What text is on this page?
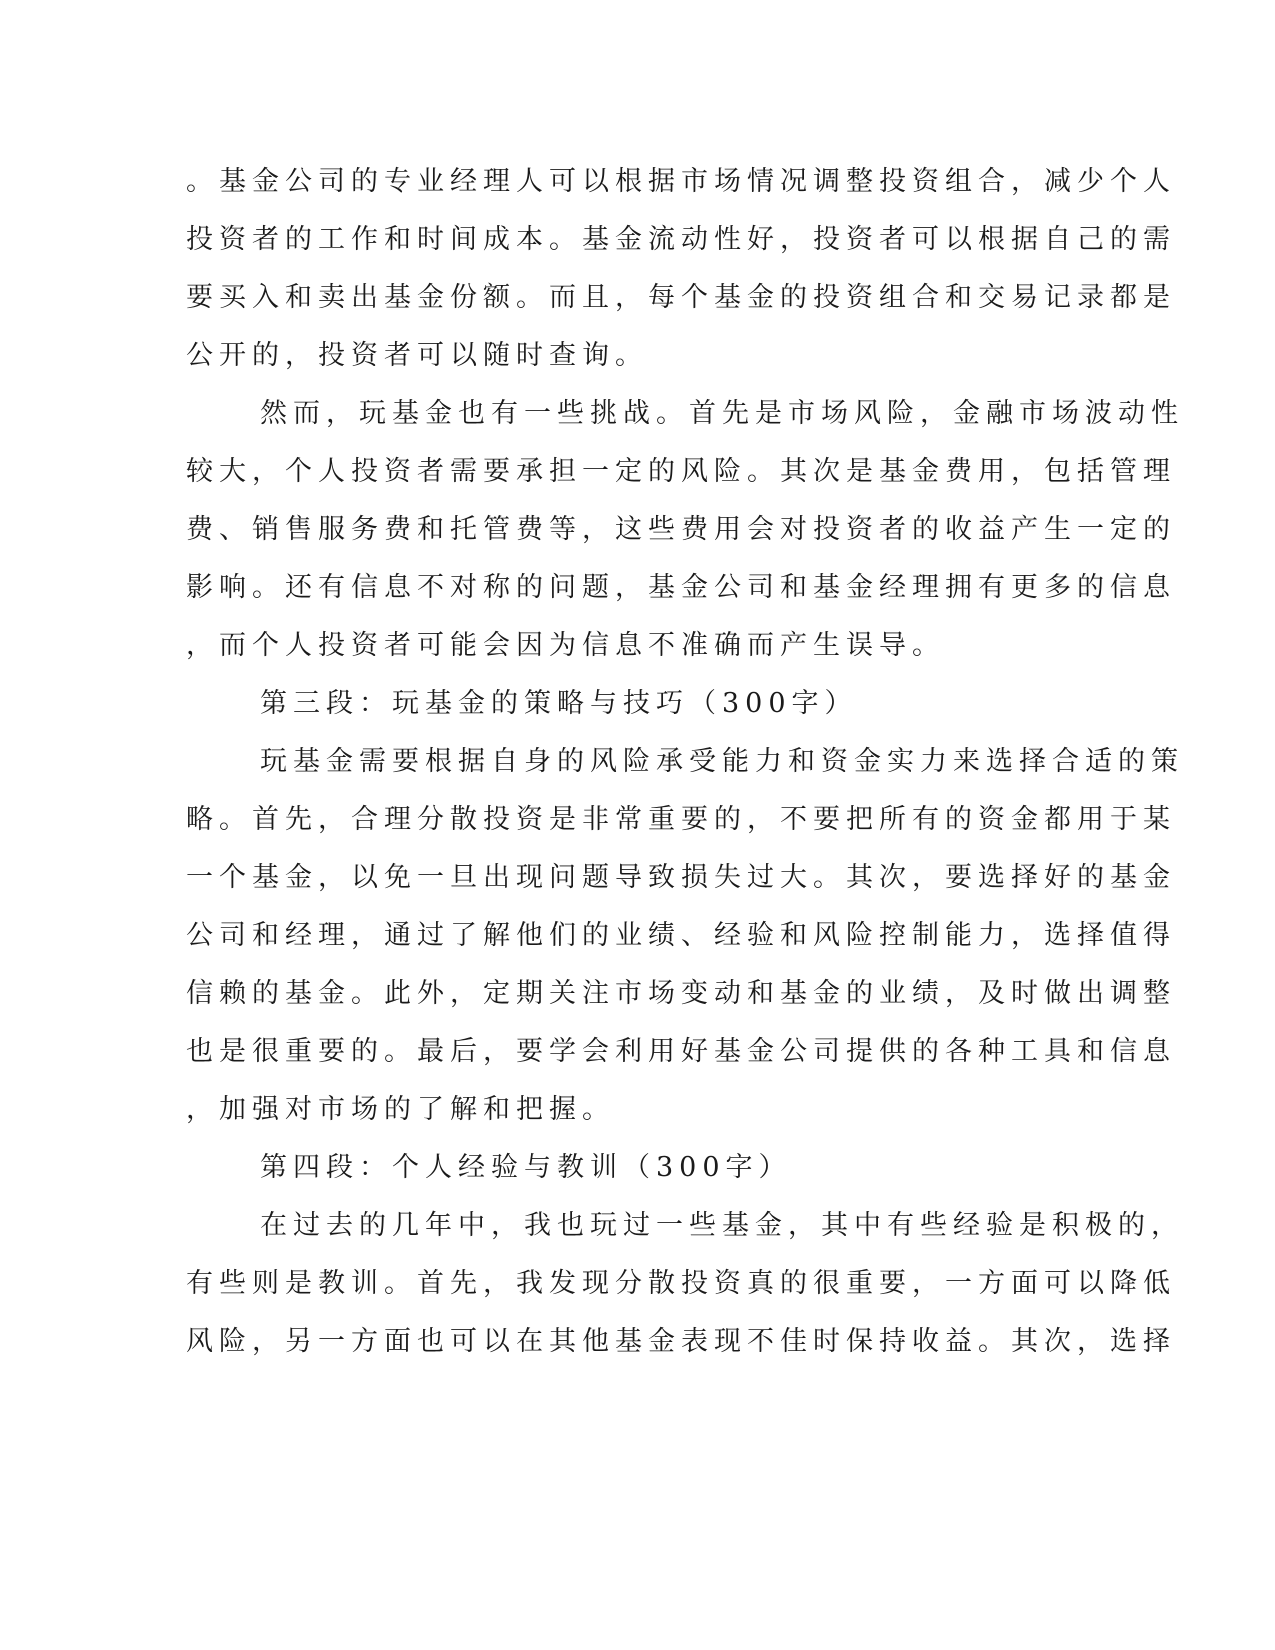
。基金公司的专业经理人可以根据市场情况调整投资组合，减少个人
投资者的工作和时间成本。基金流动性好，投资者可以根据自己的需
要买入和卖出基金份额。而且，每个基金的投资组合和交易记录都是
公开的，投资者可以随时查询。
然而，玩基金也有一些挑战。首先是市场风险，金融市场波动性
较大，个人投资者需要承担一定的风险。其次是基金费用，包括管理
费、销售服务费和托管费等，这些费用会对投资者的收益产生一定的
影响。还有信息不对称的问题，基金公司和基金经理拥有更多的信息
，而个人投资者可能会因为信息不准确而产生误导。
第三段：玩基金的策略与技巧（300字）
玩基金需要根据自身的风险承受能力和资金实力来选择合适的策
略。首先，合理分散投资是非常重要的，不要把所有的资金都用于某
一个基金，以免一旦出现问题导致损失过大。其次，要选择好的基金
公司和经理，通过了解他们的业绩、经验和风险控制能力，选择值得
信赖的基金。此外，定期关注市场变动和基金的业绩，及时做出调整
也是很重要的。最后，要学会利用好基金公司提供的各种工具和信息
，加强对市场的了解和把握。
第四段：个人经验与教训（300字）
在过去的几年中，我也玩过一些基金，其中有些经验是积极的，
有些则是教训。首先，我发现分散投资真的很重要，一方面可以降低
风险，另一方面也可以在其他基金表现不佳时保持收益。其次，选择
